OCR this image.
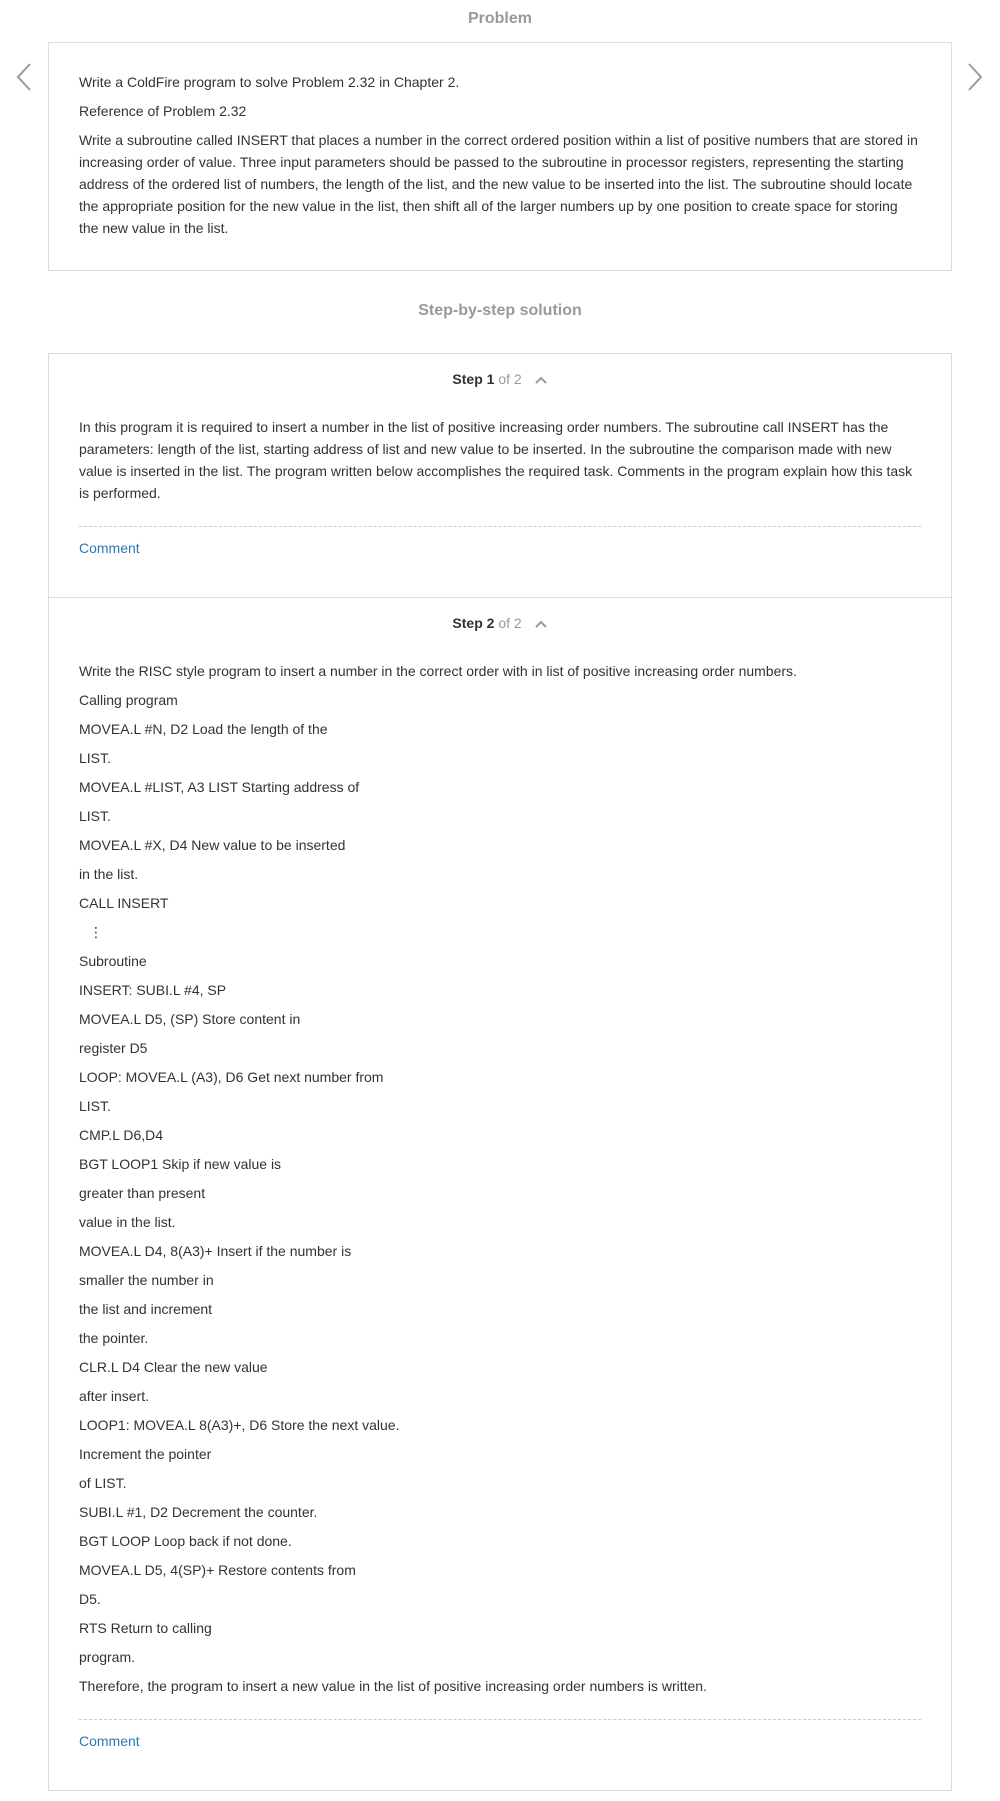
Problem

Write a ColdFire program to solve Problem 2.32 in Chapter 2.

Reference of Problem 2.32

Write a subroutine called INSERT that places a number in the correct ordered position within a list of positive numbers that are stored in increasing order of value. Three input parameters should be passed to the subroutine in processor registers, representing the starting address of the ordered list of numbers, the length of the list, and the new value to be inserted into the list. The subroutine should locate the appropriate position for the new value in the list, then shift all of the larger numbers up by one position to create space for storing the new value in the list.

Step-by-step solution
Step 1 of 2

In this program it is required to insert a number in the list of positive increasing order numbers. The subroutine call INSERT has the parameters: length of the list, starting address of list and new value to be inserted. In the subroutine the comparison made with new value is inserted in the list. The program written below accomplishes the required task. Comments in the program explain how this task is performed.

Comment
Step 2 of 2

Write the RISC style program to insert a number in the correct order with in list of positive increasing order numbers.

Calling program

MOVEA.L #N, D2 Load the length of the

LIST.

MOVEA.L #LIST, A3 LIST Starting address of

LIST.

MOVEA.L #X, D4 New value to be inserted

in the list.

CALL INSERT

⋮

Subroutine

INSERT: SUBI.L #4, SP

MOVEA.L D5, (SP) Store content in

register D5

LOOP: MOVEA.L (A3), D6 Get next number from

LIST.

CMP.L D6,D4

BGT LOOP1 Skip if new value is

greater than present

value in the list.

MOVEA.L D4, 8(A3)+ Insert if the number is

smaller the number in

the list and increment

the pointer.

CLR.L D4 Clear the new value

after insert.

LOOP1: MOVEA.L 8(A3)+, D6 Store the next value.

Increment the pointer

of LIST.

SUBI.L #1, D2 Decrement the counter.

BGT LOOP Loop back if not done.

MOVEA.L D5, 4(SP)+ Restore contents from

D5.

RTS Return to calling

program.

Therefore, the program to insert a new value in the list of positive increasing order numbers is written.

Comment
